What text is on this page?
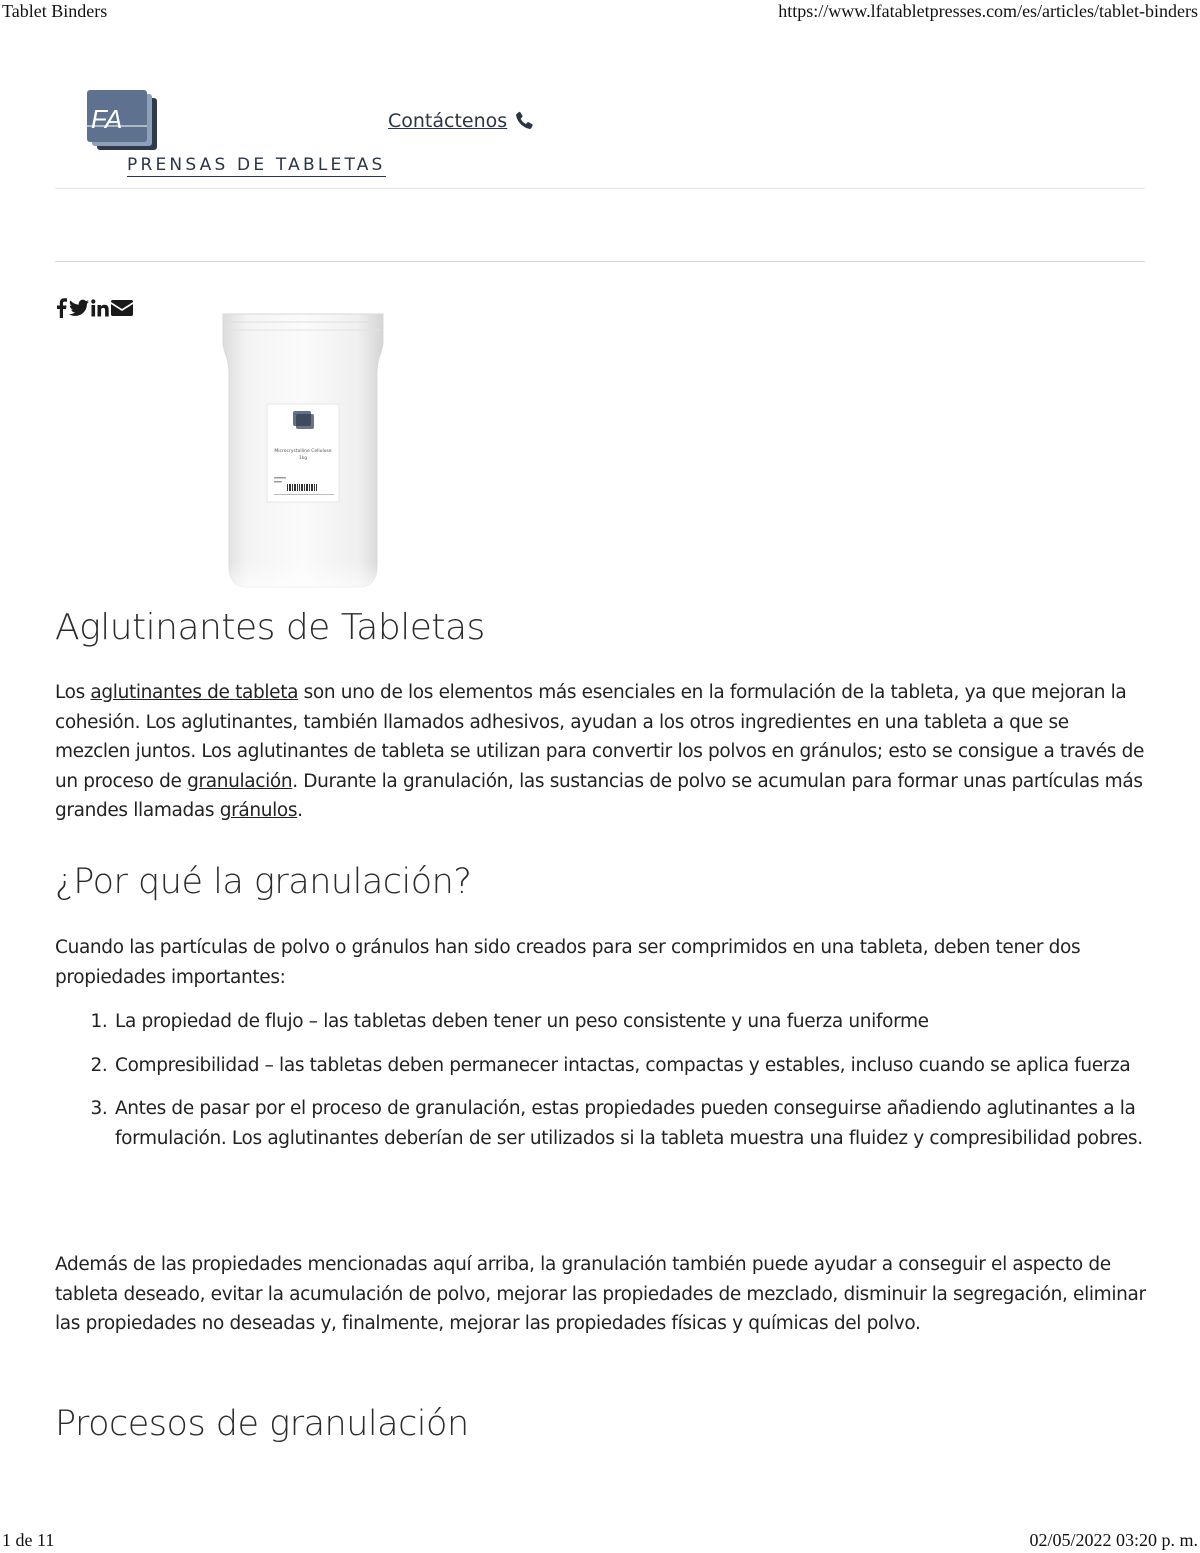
Tablet Binders	https://www.lfatabletpresses.com/es/articles/tablet-binders
1 de 11	02/05/2022 03:20 p. m.
FA
PRENSAS DE TABLETAS
Contáctenos
Microcrystalline Cellulose
1kg
Aglutinantes de Tabletas

Los aglutinantes de tableta son uno de los elementos más esenciales en la formulación de la tableta, ya que mejoran la cohesión. Los aglutinantes, también llamados adhesivos, ayudan a los otros ingredientes en una tableta a que se mezclen juntos. Los aglutinantes de tableta se utilizan para convertir los polvos en gránulos; esto se consigue a través de un proceso de granulación. Durante la granulación, las sustancias de polvo se acumulan para formar unas partículas más grandes llamadas gránulos.

¿Por qué la granulación?

Cuando las partículas de polvo o gránulos han sido creados para ser comprimidos en una tableta, deben tener dos propiedades importantes:

1. La propiedad de flujo – las tabletas deben tener un peso consistente y una fuerza uniforme
2. Compresibilidad – las tabletas deben permanecer intactas, compactas y estables, incluso cuando se aplica fuerza
3. Antes de pasar por el proceso de granulación, estas propiedades pueden conseguirse añadiendo aglutinantes a la formulación. Los aglutinantes deberían de ser utilizados si la tableta muestra una fluidez y compresibilidad pobres.

Además de las propiedades mencionadas aquí arriba, la granulación también puede ayudar a conseguir el aspecto de tableta deseado, evitar la acumulación de polvo, mejorar las propiedades de mezclado, disminuir la segregación, eliminar las propiedades no deseadas y, finalmente, mejorar las propiedades físicas y químicas del polvo.

Procesos de granulación
